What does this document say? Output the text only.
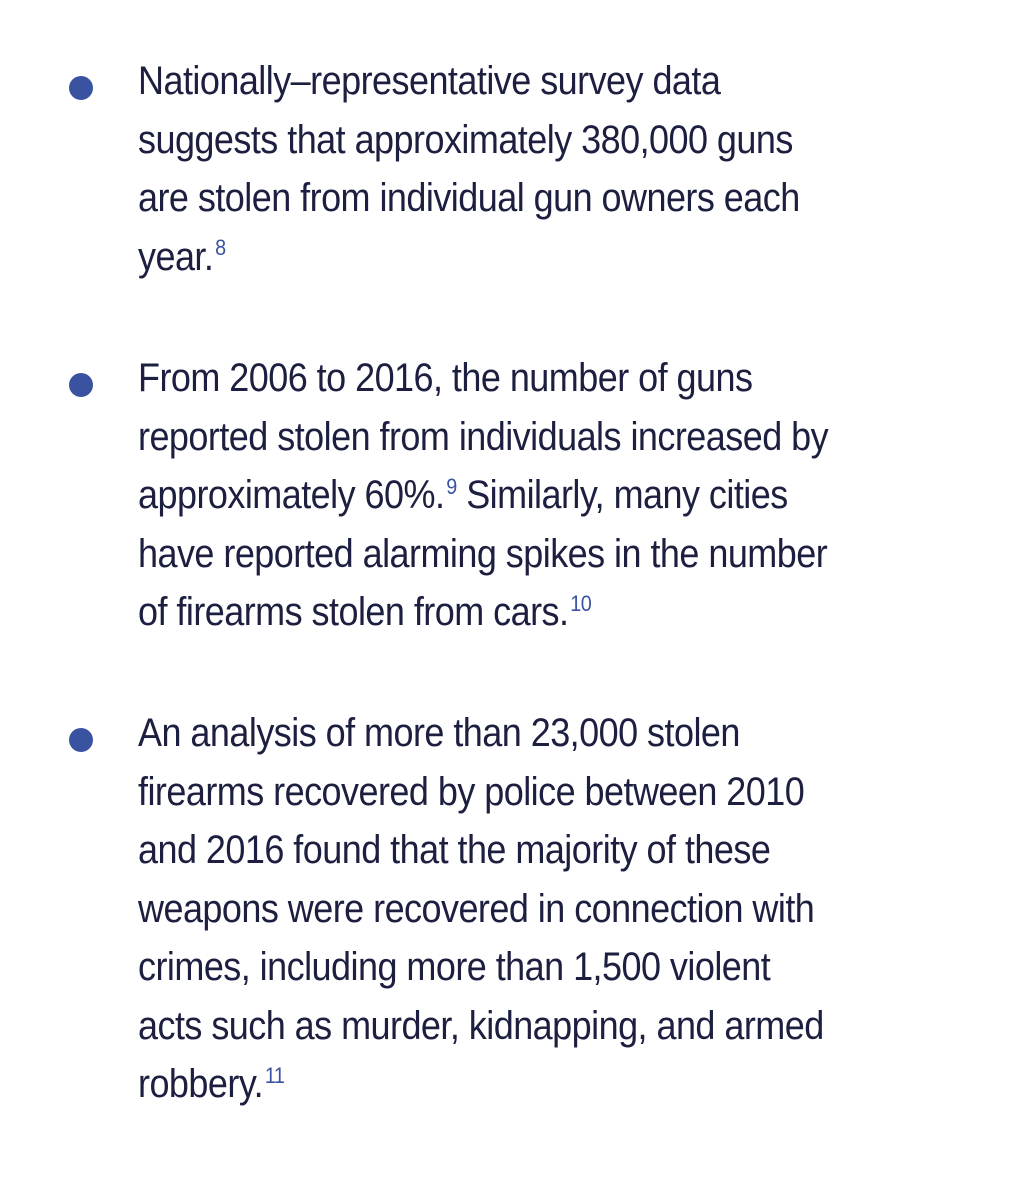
Nationally–representative survey data
suggests that approximately 380,000 guns
are stolen from individual gun owners each
year.$^8$

From 2006 to 2016, the number of guns
reported stolen from individuals increased by
approximately 60%.$^9$ Similarly, many cities
have reported alarming spikes in the number
of firearms stolen from cars.$^{10}$

An analysis of more than 23,000 stolen
firearms recovered by police between 2010
and 2016 found that the majority of these
weapons were recovered in connection with
crimes, including more than 1,500 violent
acts such as murder, kidnapping, and armed
robbery.$^{11}$
